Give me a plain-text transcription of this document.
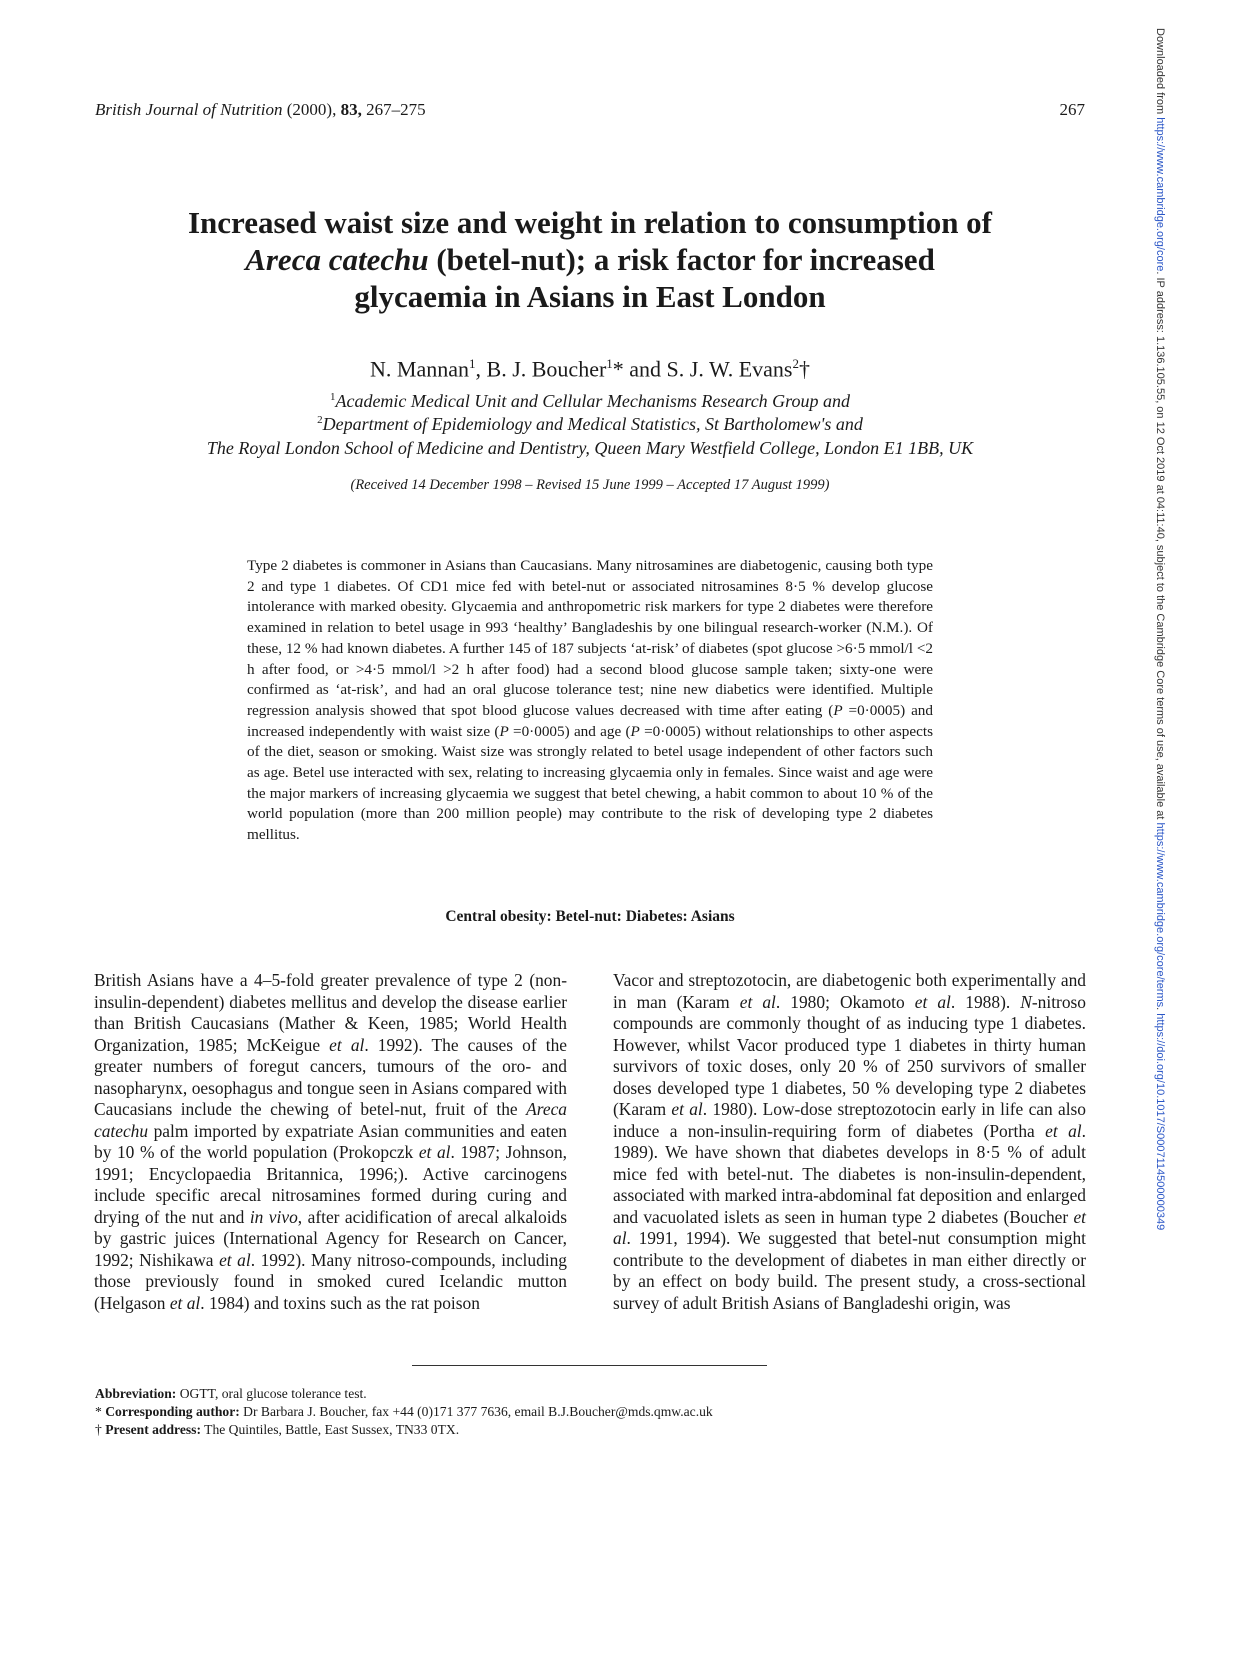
British Journal of Nutrition (2000), 83, 267–275	267
Increased waist size and weight in relation to consumption of
Areca catechu (betel-nut); a risk factor for increased
glycaemia in Asians in East London
N. Mannan$^1$, B. J. Boucher$^1$* and S. J. W. Evans$^2$†
$^1$Academic Medical Unit and Cellular Mechanisms Research Group and
$^2$Department of Epidemiology and Medical Statistics, St Bartholomew's and
The Royal London School of Medicine and Dentistry, Queen Mary Westfield College, London E1 1BB, UK
(Received 14 December 1998 – Revised 15 June 1999 – Accepted 17 August 1999)
Type 2 diabetes is commoner in Asians than Caucasians. Many nitrosamines are diabetogenic, causing both type 2 and type 1 diabetes. Of CD1 mice fed with betel-nut or associated nitrosamines 8·5 % develop glucose intolerance with marked obesity. Glycaemia and anthropometric risk markers for type 2 diabetes were therefore examined in relation to betel usage in 993 ‘healthy’ Bangladeshis by one bilingual research-worker (N.M.). Of these, 12 % had known diabetes. A further 145 of 187 subjects ‘at-risk’ of diabetes (spot glucose >6·5 mmol/l <2 h after food, or >4·5 mmol/l >2 h after food) had a second blood glucose sample taken; sixty-one were confirmed as ‘at-risk’, and had an oral glucose tolerance test; nine new diabetics were identified. Multiple regression analysis showed that spot blood glucose values decreased with time after eating (P =0·0005) and increased independently with waist size (P =0·0005) and age (P =0·0005) without relationships to other aspects of the diet, season or smoking. Waist size was strongly related to betel usage independent of other factors such as age. Betel use interacted with sex, relating to increasing glycaemia only in females. Since waist and age were the major markers of increasing glycaemia we suggest that betel chewing, a habit common to about 10 % of the world population (more than 200 million people) may contribute to the risk of developing type 2 diabetes mellitus.
Central obesity: Betel-nut: Diabetes: Asians
British Asians have a 4–5-fold greater prevalence of type 2 (non-insulin-dependent) diabetes mellitus and develop the disease earlier than British Caucasians (Mather & Keen, 1985; World Health Organization, 1985; McKeigue et al. 1992). The causes of the greater numbers of foregut cancers, tumours of the oro- and nasopharynx, oesophagus and tongue seen in Asians compared with Caucasians include the chewing of betel-nut, fruit of the Areca catechu palm imported by expatriate Asian communities and eaten by 10 % of the world population (Prokopczk et al. 1987; Johnson, 1991; Encyclopaedia Britannica, 1996;). Active carcinogens include specific arecal nitrosamines formed during curing and drying of the nut and in vivo, after acidification of arecal alkaloids by gastric juices (International Agency for Research on Cancer, 1992; Nishikawa et al. 1992). Many nitroso-compounds, including those previously found in smoked cured Icelandic mutton (Helgason et al. 1984) and toxins such as the rat poison
Vacor and streptozotocin, are diabetogenic both experimentally and in man (Karam et al. 1980; Okamoto et al. 1988). N-nitroso compounds are commonly thought of as inducing type 1 diabetes. However, whilst Vacor produced type 1 diabetes in thirty human survivors of toxic doses, only 20 % of 250 survivors of smaller doses developed type 1 diabetes, 50 % developing type 2 diabetes (Karam et al. 1980). Low-dose streptozotocin early in life can also induce a non-insulin-requiring form of diabetes (Portha et al. 1989). We have shown that diabetes develops in 8·5 % of adult mice fed with betel-nut. The diabetes is non-insulin-dependent, associated with marked intra-abdominal fat deposition and enlarged and vacuolated islets as seen in human type 2 diabetes (Boucher et al. 1991, 1994). We suggested that betel-nut consumption might contribute to the development of diabetes in man either directly or by an effect on body build. The present study, a cross-sectional survey of adult British Asians of Bangladeshi origin, was
Abbreviation: OGTT, oral glucose tolerance test.
* Corresponding author: Dr Barbara J. Boucher, fax +44 (0)171 377 7636, email B.J.Boucher@mds.qmw.ac.uk
† Present address: The Quintiles, Battle, East Sussex, TN33 0TX.
Downloaded from https://www.cambridge.org/core. IP address: 1.136.105.55, on 12 Oct 2019 at 04:11:40, subject to the Cambridge Core terms of use, available at https://www.cambridge.org/core/terms. https://doi.org/10.1017/S0007114500000349
